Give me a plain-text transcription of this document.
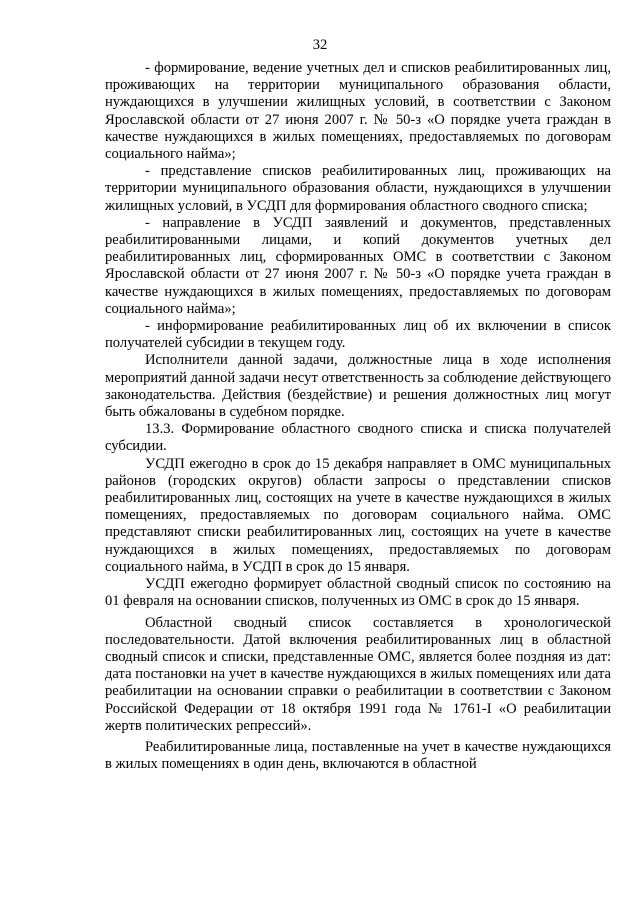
32

- формирование, ведение учетных дел и списков реабилитированных лиц, проживающих на территории муниципального образования области, нуждающихся в улучшении жилищных условий, в соответствии с Законом Ярославской области от 27 июня 2007 г. № 50-з «О порядке учета граждан в качестве нуждающихся в жилых помещениях, предоставляемых по договорам социального найма»;

- представление списков реабилитированных лиц, проживающих на территории муниципального образования области, нуждающихся в улучшении жилищных условий, в УСДП для формирования областного сводного списка;

- направление в УСДП заявлений и документов, представленных реабилитированными лицами, и копий документов учетных дел реабилитированных лиц, сформированных ОМС в соответствии с Законом Ярославской области от 27 июня 2007 г. № 50-з «О порядке учета граждан в качестве нуждающихся в жилых помещениях, предоставляемых по договорам социального найма»;

- информирование реабилитированных лиц об их включении в список получателей субсидии в текущем году.

Исполнители данной задачи, должностные лица в ходе исполнения мероприятий данной задачи несут ответственность за соблюдение действующего законодательства. Действия (бездействие) и решения должностных лиц могут быть обжалованы в судебном порядке.

13.3. Формирование областного сводного списка и списка получателей субсидии.

УСДП ежегодно в срок до 15 декабря направляет в ОМС муниципальных районов (городских округов) области запросы о представлении списков реабилитированных лиц, состоящих на учете в качестве нуждающихся в жилых помещениях, предоставляемых по договорам социального найма. ОМС представляют списки реабилитированных лиц, состоящих на учете в качестве нуждающихся в жилых помещениях, предоставляемых по договорам социального найма, в УСДП в срок до 15 января.

УСДП ежегодно формирует областной сводный список по состоянию на 01 февраля на основании списков, полученных из ОМС в срок до 15 января.

Областной сводный список составляется в хронологической последовательности. Датой включения реабилитированных лиц в областной сводный список и списки, представленные ОМС, является более поздняя из дат: дата постановки на учет в качестве нуждающихся в жилых помещениях или дата реабилитации на основании справки о реабилитации в соответствии с Законом Российской Федерации от 18 октября 1991 года № 1761-I «О реабилитации жертв политических репрессий».

Реабилитированные лица, поставленные на учет в качестве нуждающихся в жилых помещениях в один день, включаются в областной
